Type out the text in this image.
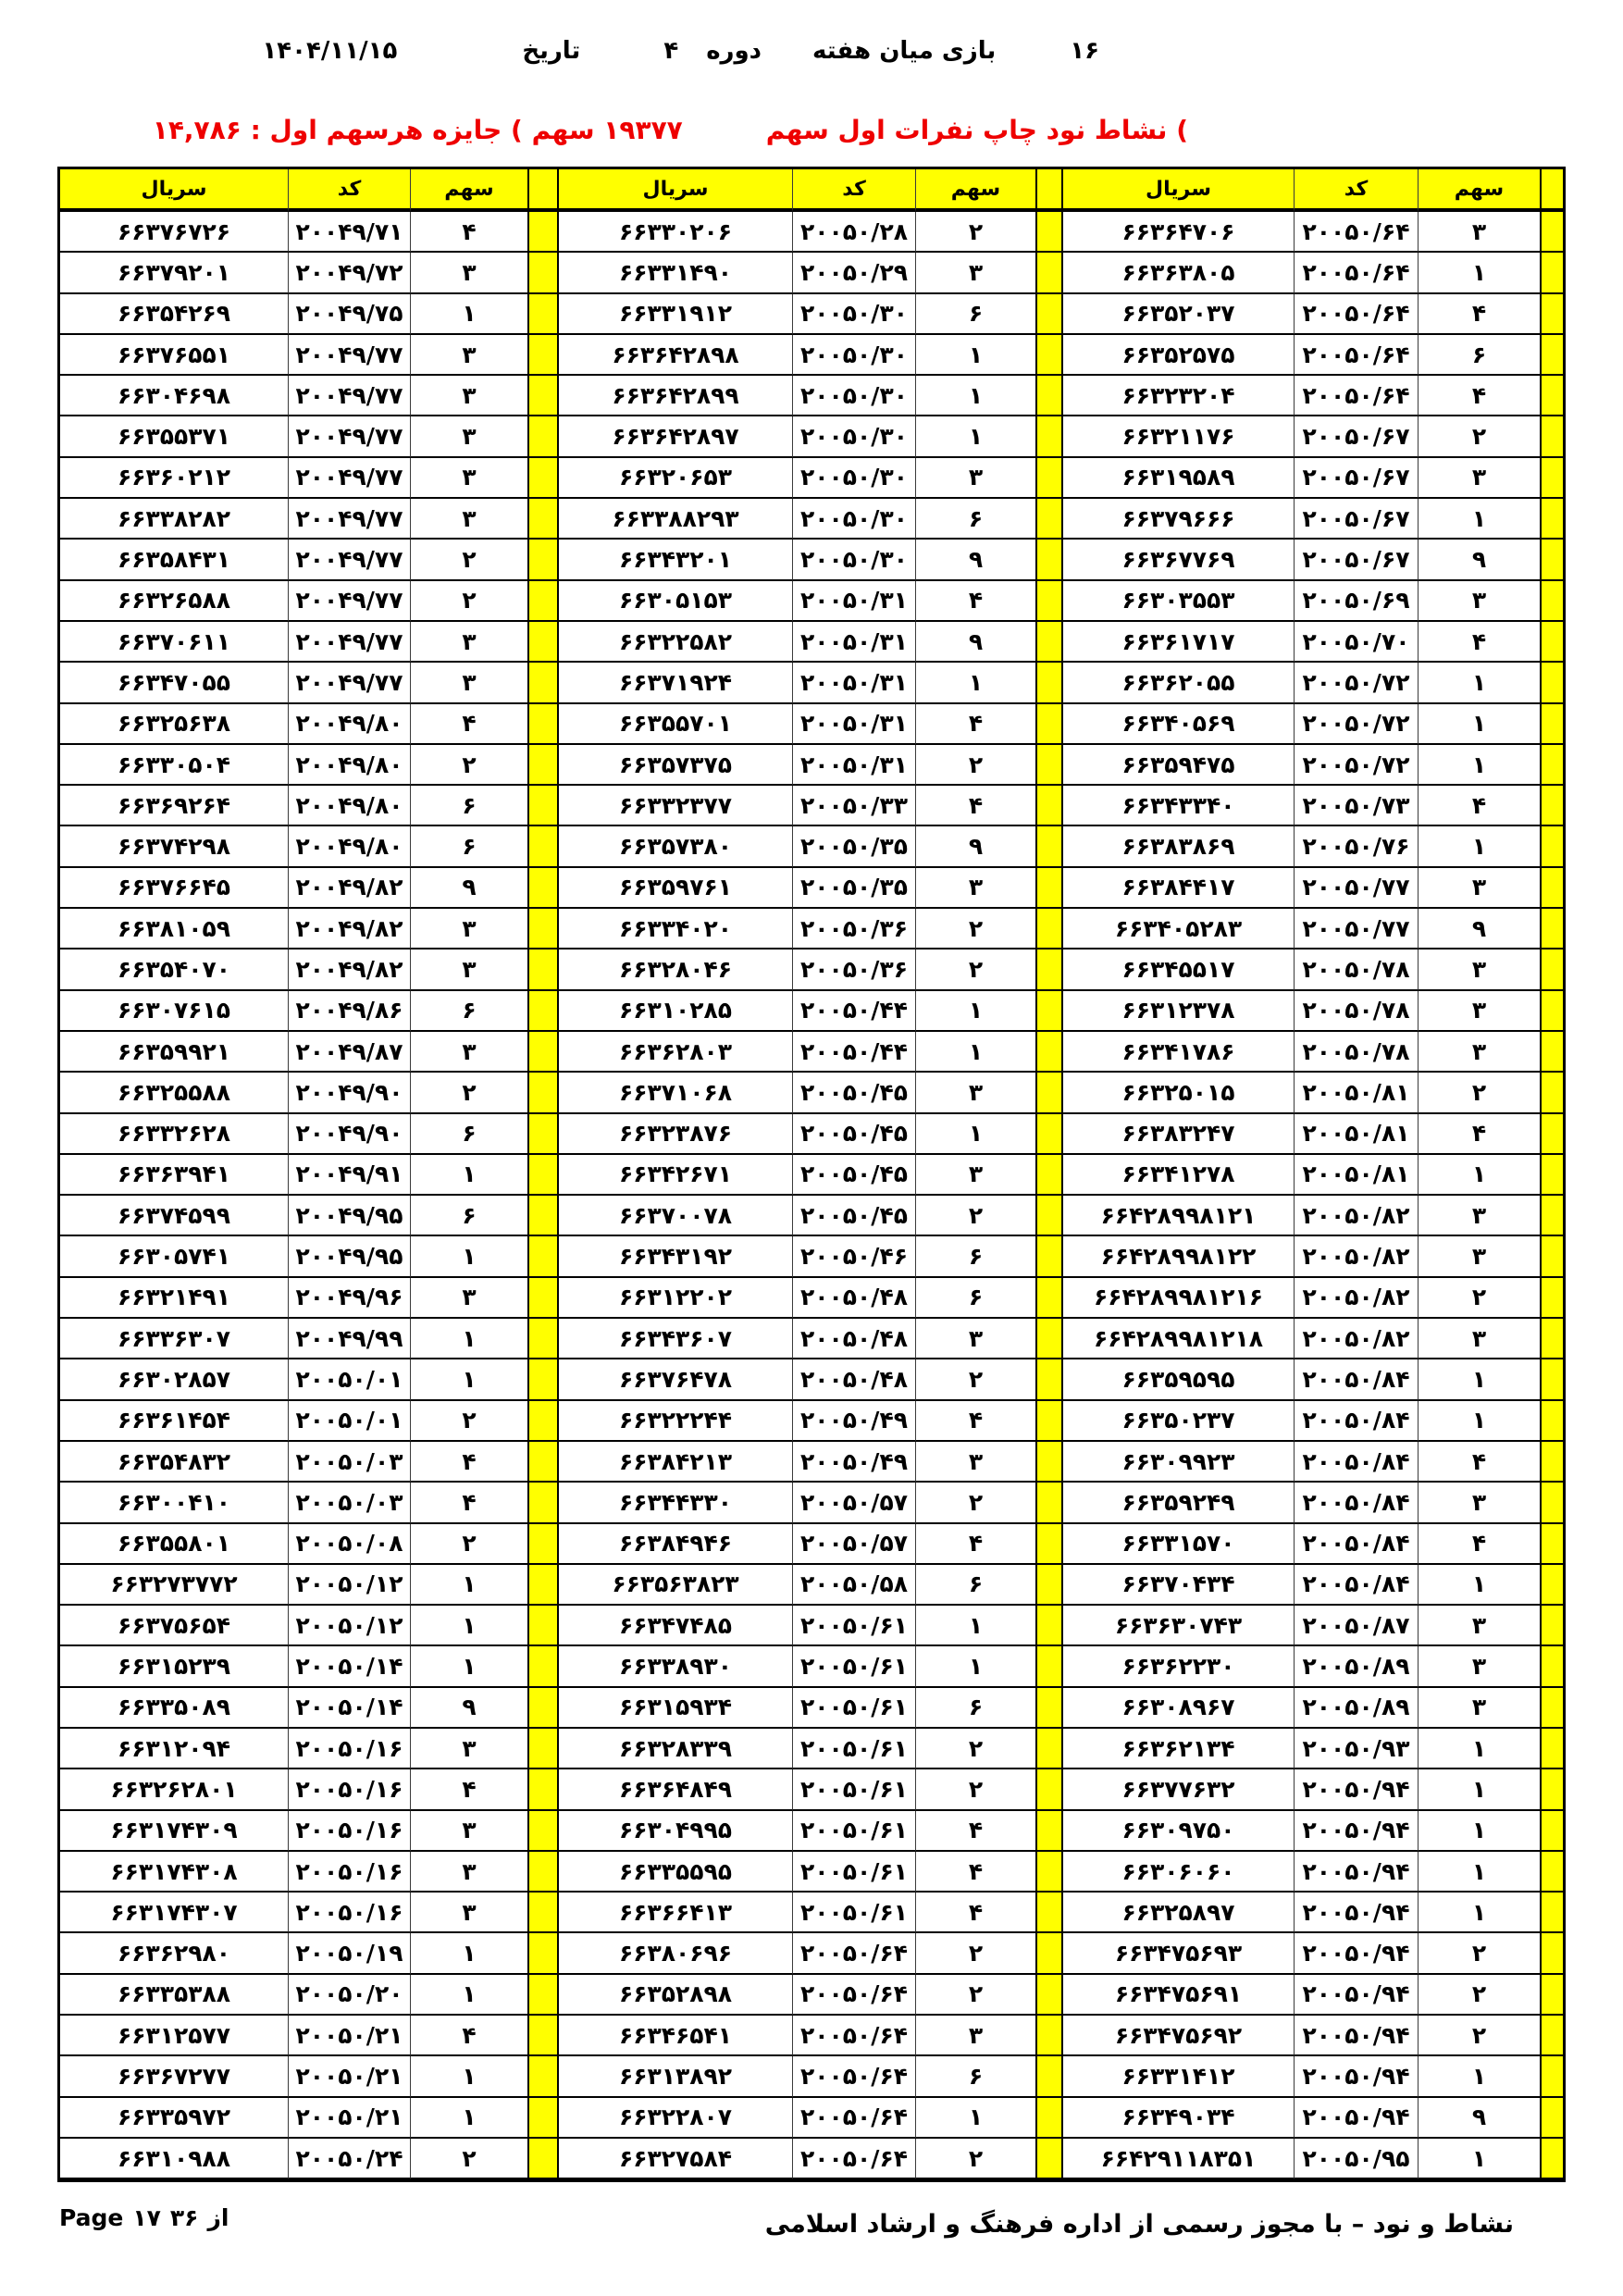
۱۶
بازی میان هفته
دوره
۴
تاریخ
۱۴۰۴/۱۱/۱۵
) نشاط نود چاپ نفرات اول سهم
۱۹۳۷۷ سهم ) جایزه هرسهم اول : ۱۴,۷۸۶
سریال	کد	سهم	سریال	کد	سهم	سریال	کد	سهم
۶۶۳۷۶۷۲۶	۲۰۰۴۹/۷۱	۴	۶۶۳۳۰۲۰۶	۲۰۰۵۰/۲۸	۲	۶۶۳۶۴۷۰۶	۲۰۰۵۰/۶۴	۳
۶۶۳۷۹۲۰۱	۲۰۰۴۹/۷۲	۳	۶۶۳۳۱۴۹۰	۲۰۰۵۰/۲۹	۳	۶۶۳۶۳۸۰۵	۲۰۰۵۰/۶۴	۱
۶۶۳۵۴۲۶۹	۲۰۰۴۹/۷۵	۱	۶۶۳۳۱۹۱۲	۲۰۰۵۰/۳۰	۶	۶۶۳۵۲۰۳۷	۲۰۰۵۰/۶۴	۴
۶۶۳۷۶۵۵۱	۲۰۰۴۹/۷۷	۳	۶۶۳۶۴۲۸۹۸	۲۰۰۵۰/۳۰	۱	۶۶۳۵۲۵۷۵	۲۰۰۵۰/۶۴	۶
۶۶۳۰۴۶۹۸	۲۰۰۴۹/۷۷	۳	۶۶۳۶۴۲۸۹۹	۲۰۰۵۰/۳۰	۱	۶۶۳۲۳۲۰۴	۲۰۰۵۰/۶۴	۴
۶۶۳۵۵۳۷۱	۲۰۰۴۹/۷۷	۳	۶۶۳۶۴۲۸۹۷	۲۰۰۵۰/۳۰	۱	۶۶۳۲۱۱۷۶	۲۰۰۵۰/۶۷	۲
۶۶۳۶۰۲۱۲	۲۰۰۴۹/۷۷	۳	۶۶۳۲۰۶۵۳	۲۰۰۵۰/۳۰	۳	۶۶۳۱۹۵۸۹	۲۰۰۵۰/۶۷	۳
۶۶۳۳۸۲۸۲	۲۰۰۴۹/۷۷	۳	۶۶۳۳۸۸۲۹۳	۲۰۰۵۰/۳۰	۶	۶۶۳۷۹۶۶۶	۲۰۰۵۰/۶۷	۱
۶۶۳۵۸۴۳۱	۲۰۰۴۹/۷۷	۲	۶۶۳۴۳۲۰۱	۲۰۰۵۰/۳۰	۹	۶۶۳۶۷۷۶۹	۲۰۰۵۰/۶۷	۹
۶۶۳۲۶۵۸۸	۲۰۰۴۹/۷۷	۲	۶۶۳۰۵۱۵۳	۲۰۰۵۰/۳۱	۴	۶۶۳۰۳۵۵۳	۲۰۰۵۰/۶۹	۳
۶۶۳۷۰۶۱۱	۲۰۰۴۹/۷۷	۳	۶۶۳۲۲۵۸۲	۲۰۰۵۰/۳۱	۹	۶۶۳۶۱۷۱۷	۲۰۰۵۰/۷۰	۴
۶۶۳۴۷۰۵۵	۲۰۰۴۹/۷۷	۳	۶۶۳۷۱۹۲۴	۲۰۰۵۰/۳۱	۱	۶۶۳۶۲۰۵۵	۲۰۰۵۰/۷۲	۱
۶۶۳۲۵۶۳۸	۲۰۰۴۹/۸۰	۴	۶۶۳۵۵۷۰۱	۲۰۰۵۰/۳۱	۴	۶۶۳۴۰۵۶۹	۲۰۰۵۰/۷۲	۱
۶۶۳۳۰۵۰۴	۲۰۰۴۹/۸۰	۲	۶۶۳۵۷۳۷۵	۲۰۰۵۰/۳۱	۲	۶۶۳۵۹۴۷۵	۲۰۰۵۰/۷۲	۱
۶۶۳۶۹۲۶۴	۲۰۰۴۹/۸۰	۶	۶۶۳۳۲۳۷۷	۲۰۰۵۰/۳۳	۴	۶۶۳۴۳۳۴۰	۲۰۰۵۰/۷۳	۴
۶۶۳۷۴۲۹۸	۲۰۰۴۹/۸۰	۶	۶۶۳۵۷۳۸۰	۲۰۰۵۰/۳۵	۹	۶۶۳۸۳۸۶۹	۲۰۰۵۰/۷۶	۱
۶۶۳۷۶۶۴۵	۲۰۰۴۹/۸۲	۹	۶۶۳۵۹۷۶۱	۲۰۰۵۰/۳۵	۳	۶۶۳۸۴۴۱۷	۲۰۰۵۰/۷۷	۳
۶۶۳۸۱۰۵۹	۲۰۰۴۹/۸۲	۳	۶۶۳۳۴۰۲۰	۲۰۰۵۰/۳۶	۲	۶۶۳۴۰۵۲۸۳	۲۰۰۵۰/۷۷	۹
۶۶۳۵۴۰۷۰	۲۰۰۴۹/۸۲	۳	۶۶۳۲۸۰۴۶	۲۰۰۵۰/۳۶	۲	۶۶۳۴۵۵۱۷	۲۰۰۵۰/۷۸	۳
۶۶۳۰۷۶۱۵	۲۰۰۴۹/۸۶	۶	۶۶۳۱۰۲۸۵	۲۰۰۵۰/۴۴	۱	۶۶۳۱۲۳۷۸	۲۰۰۵۰/۷۸	۳
۶۶۳۵۹۹۲۱	۲۰۰۴۹/۸۷	۳	۶۶۳۶۲۸۰۳	۲۰۰۵۰/۴۴	۱	۶۶۳۴۱۷۸۶	۲۰۰۵۰/۷۸	۳
۶۶۳۲۵۵۸۸	۲۰۰۴۹/۹۰	۲	۶۶۳۷۱۰۶۸	۲۰۰۵۰/۴۵	۳	۶۶۳۲۵۰۱۵	۲۰۰۵۰/۸۱	۲
۶۶۳۳۲۶۲۸	۲۰۰۴۹/۹۰	۶	۶۶۳۲۳۸۷۶	۲۰۰۵۰/۴۵	۱	۶۶۳۸۳۲۴۷	۲۰۰۵۰/۸۱	۴
۶۶۳۶۳۹۴۱	۲۰۰۴۹/۹۱	۱	۶۶۳۴۲۶۷۱	۲۰۰۵۰/۴۵	۳	۶۶۳۴۱۲۷۸	۲۰۰۵۰/۸۱	۱
۶۶۳۷۴۵۹۹	۲۰۰۴۹/۹۵	۶	۶۶۳۷۰۰۷۸	۲۰۰۵۰/۴۵	۲	۶۶۴۲۸۹۹۸۱۲۱	۲۰۰۵۰/۸۲	۳
۶۶۳۰۵۷۴۱	۲۰۰۴۹/۹۵	۱	۶۶۳۴۳۱۹۲	۲۰۰۵۰/۴۶	۶	۶۶۴۲۸۹۹۸۱۲۲	۲۰۰۵۰/۸۲	۳
۶۶۳۲۱۴۹۱	۲۰۰۴۹/۹۶	۳	۶۶۳۱۲۲۰۲	۲۰۰۵۰/۴۸	۶	۶۶۴۲۸۹۹۸۱۲۱۶	۲۰۰۵۰/۸۲	۲
۶۶۳۳۶۳۰۷	۲۰۰۴۹/۹۹	۱	۶۶۳۴۳۶۰۷	۲۰۰۵۰/۴۸	۳	۶۶۴۲۸۹۹۸۱۲۱۸	۲۰۰۵۰/۸۲	۳
۶۶۳۰۲۸۵۷	۲۰۰۵۰/۰۱	۱	۶۶۳۷۶۴۷۸	۲۰۰۵۰/۴۸	۲	۶۶۳۵۹۵۹۵	۲۰۰۵۰/۸۴	۱
۶۶۳۶۱۴۵۴	۲۰۰۵۰/۰۱	۲	۶۶۳۲۲۲۴۴	۲۰۰۵۰/۴۹	۴	۶۶۳۵۰۲۳۷	۲۰۰۵۰/۸۴	۱
۶۶۳۵۴۸۳۲	۲۰۰۵۰/۰۳	۴	۶۶۳۸۴۲۱۳	۲۰۰۵۰/۴۹	۳	۶۶۳۰۹۹۲۳	۲۰۰۵۰/۸۴	۴
۶۶۳۰۰۴۱۰	۲۰۰۵۰/۰۳	۴	۶۶۳۴۴۳۳۰	۲۰۰۵۰/۵۷	۲	۶۶۳۵۹۲۴۹	۲۰۰۵۰/۸۴	۳
۶۶۳۵۵۸۰۱	۲۰۰۵۰/۰۸	۲	۶۶۳۸۴۹۴۶	۲۰۰۵۰/۵۷	۴	۶۶۳۳۱۵۷۰	۲۰۰۵۰/۸۴	۴
۶۶۳۲۷۳۷۷۲	۲۰۰۵۰/۱۲	۱	۶۶۳۵۶۳۸۲۳	۲۰۰۵۰/۵۸	۶	۶۶۳۷۰۴۳۴	۲۰۰۵۰/۸۴	۱
۶۶۳۷۵۶۵۴	۲۰۰۵۰/۱۲	۱	۶۶۳۴۷۴۸۵	۲۰۰۵۰/۶۱	۱	۶۶۳۶۳۰۷۴۳	۲۰۰۵۰/۸۷	۳
۶۶۳۱۵۲۳۹	۲۰۰۵۰/۱۴	۱	۶۶۳۳۸۹۳۰	۲۰۰۵۰/۶۱	۱	۶۶۳۶۲۲۳۰	۲۰۰۵۰/۸۹	۳
۶۶۳۳۵۰۸۹	۲۰۰۵۰/۱۴	۹	۶۶۳۱۵۹۳۴	۲۰۰۵۰/۶۱	۶	۶۶۳۰۸۹۶۷	۲۰۰۵۰/۸۹	۳
۶۶۳۱۲۰۹۴	۲۰۰۵۰/۱۶	۳	۶۶۳۲۸۳۳۹	۲۰۰۵۰/۶۱	۲	۶۶۳۶۲۱۳۴	۲۰۰۵۰/۹۳	۱
۶۶۳۲۶۲۸۰۱	۲۰۰۵۰/۱۶	۴	۶۶۳۶۴۸۴۹	۲۰۰۵۰/۶۱	۲	۶۶۳۷۷۶۳۲	۲۰۰۵۰/۹۴	۱
۶۶۳۱۷۴۳۰۹	۲۰۰۵۰/۱۶	۳	۶۶۳۰۴۹۹۵	۲۰۰۵۰/۶۱	۴	۶۶۳۰۹۷۵۰	۲۰۰۵۰/۹۴	۱
۶۶۳۱۷۴۳۰۸	۲۰۰۵۰/۱۶	۳	۶۶۳۳۵۵۹۵	۲۰۰۵۰/۶۱	۴	۶۶۳۰۶۰۶۰	۲۰۰۵۰/۹۴	۱
۶۶۳۱۷۴۳۰۷	۲۰۰۵۰/۱۶	۳	۶۶۳۶۶۴۱۳	۲۰۰۵۰/۶۱	۴	۶۶۳۲۵۸۹۷	۲۰۰۵۰/۹۴	۱
۶۶۳۶۲۹۸۰	۲۰۰۵۰/۱۹	۱	۶۶۳۸۰۶۹۶	۲۰۰۵۰/۶۴	۲	۶۶۳۴۷۵۶۹۳	۲۰۰۵۰/۹۴	۲
۶۶۳۳۵۳۸۸	۲۰۰۵۰/۲۰	۱	۶۶۳۵۲۸۹۸	۲۰۰۵۰/۶۴	۲	۶۶۳۴۷۵۶۹۱	۲۰۰۵۰/۹۴	۲
۶۶۳۱۲۵۷۷	۲۰۰۵۰/۲۱	۴	۶۶۳۴۶۵۴۱	۲۰۰۵۰/۶۴	۳	۶۶۳۴۷۵۶۹۲	۲۰۰۵۰/۹۴	۲
۶۶۳۶۷۲۷۷	۲۰۰۵۰/۲۱	۱	۶۶۳۱۳۸۹۲	۲۰۰۵۰/۶۴	۶	۶۶۳۳۱۴۱۲	۲۰۰۵۰/۹۴	۱
۶۶۳۳۵۹۷۲	۲۰۰۵۰/۲۱	۱	۶۶۳۲۲۸۰۷	۲۰۰۵۰/۶۴	۱	۶۶۳۴۹۰۳۴	۲۰۰۵۰/۹۴	۹
۶۶۳۱۰۹۸۸	۲۰۰۵۰/۲۴	۲	۶۶۳۲۷۵۸۴	۲۰۰۵۰/۶۴	۲	۶۶۴۲۹۱۱۸۳۵۱	۲۰۰۵۰/۹۵	۱
Page ۱۷ ۳۶ از	نشاط و نود – با مجوز رسمی از اداره فرهنگ و ارشاد اسلامی
